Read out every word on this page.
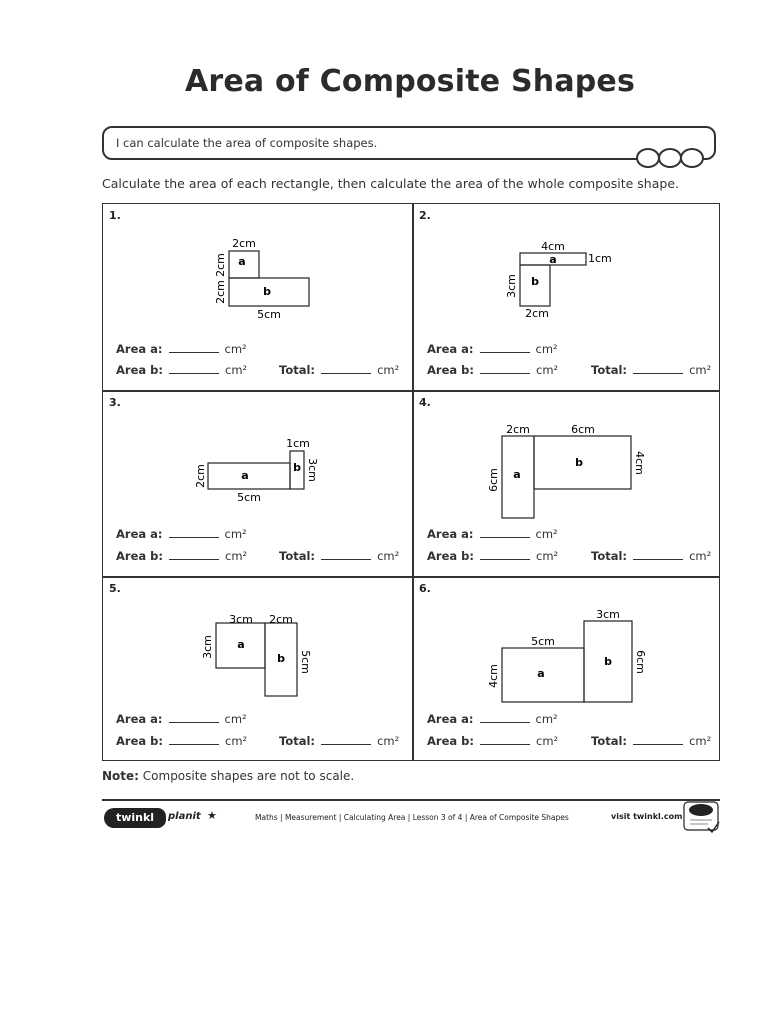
Area of Composite Shapes
I can calculate the area of composite shapes.
Calculate the area of each rectangle, then calculate the area of the whole composite shape.
1.
2cm
2cm
2cm
5cm
a
b
Area a:	cm²
Area b:	cm²	Total:	cm²
2.
4cm
1cm
3cm
2cm
a
b
Area a:	cm²
Area b:	cm²	Total:	cm²
3.
1cm
2cm	3cm
5cm
a
b
Area a:	cm²
Area b:	cm²	Total:	cm²
4.
2cm	6cm
6cm
4cm
a
b
Area a:	cm²
Area b:	cm²	Total:	cm²
5.
3cm 2cm
3cm
5cm
a
b
Area a:	cm²
Area b:	cm²	Total:	cm²
6.
3cm
5cm
4cm
6cm
a
b
Area a:	cm²
Area b:	cm²	Total:	cm²
Note: Composite shapes are not to scale.
twinkl	planit ★	Maths | Measurement | Calculating Area | Lesson 3 of 4 | Area of Composite Shapes	visit twinkl.com
